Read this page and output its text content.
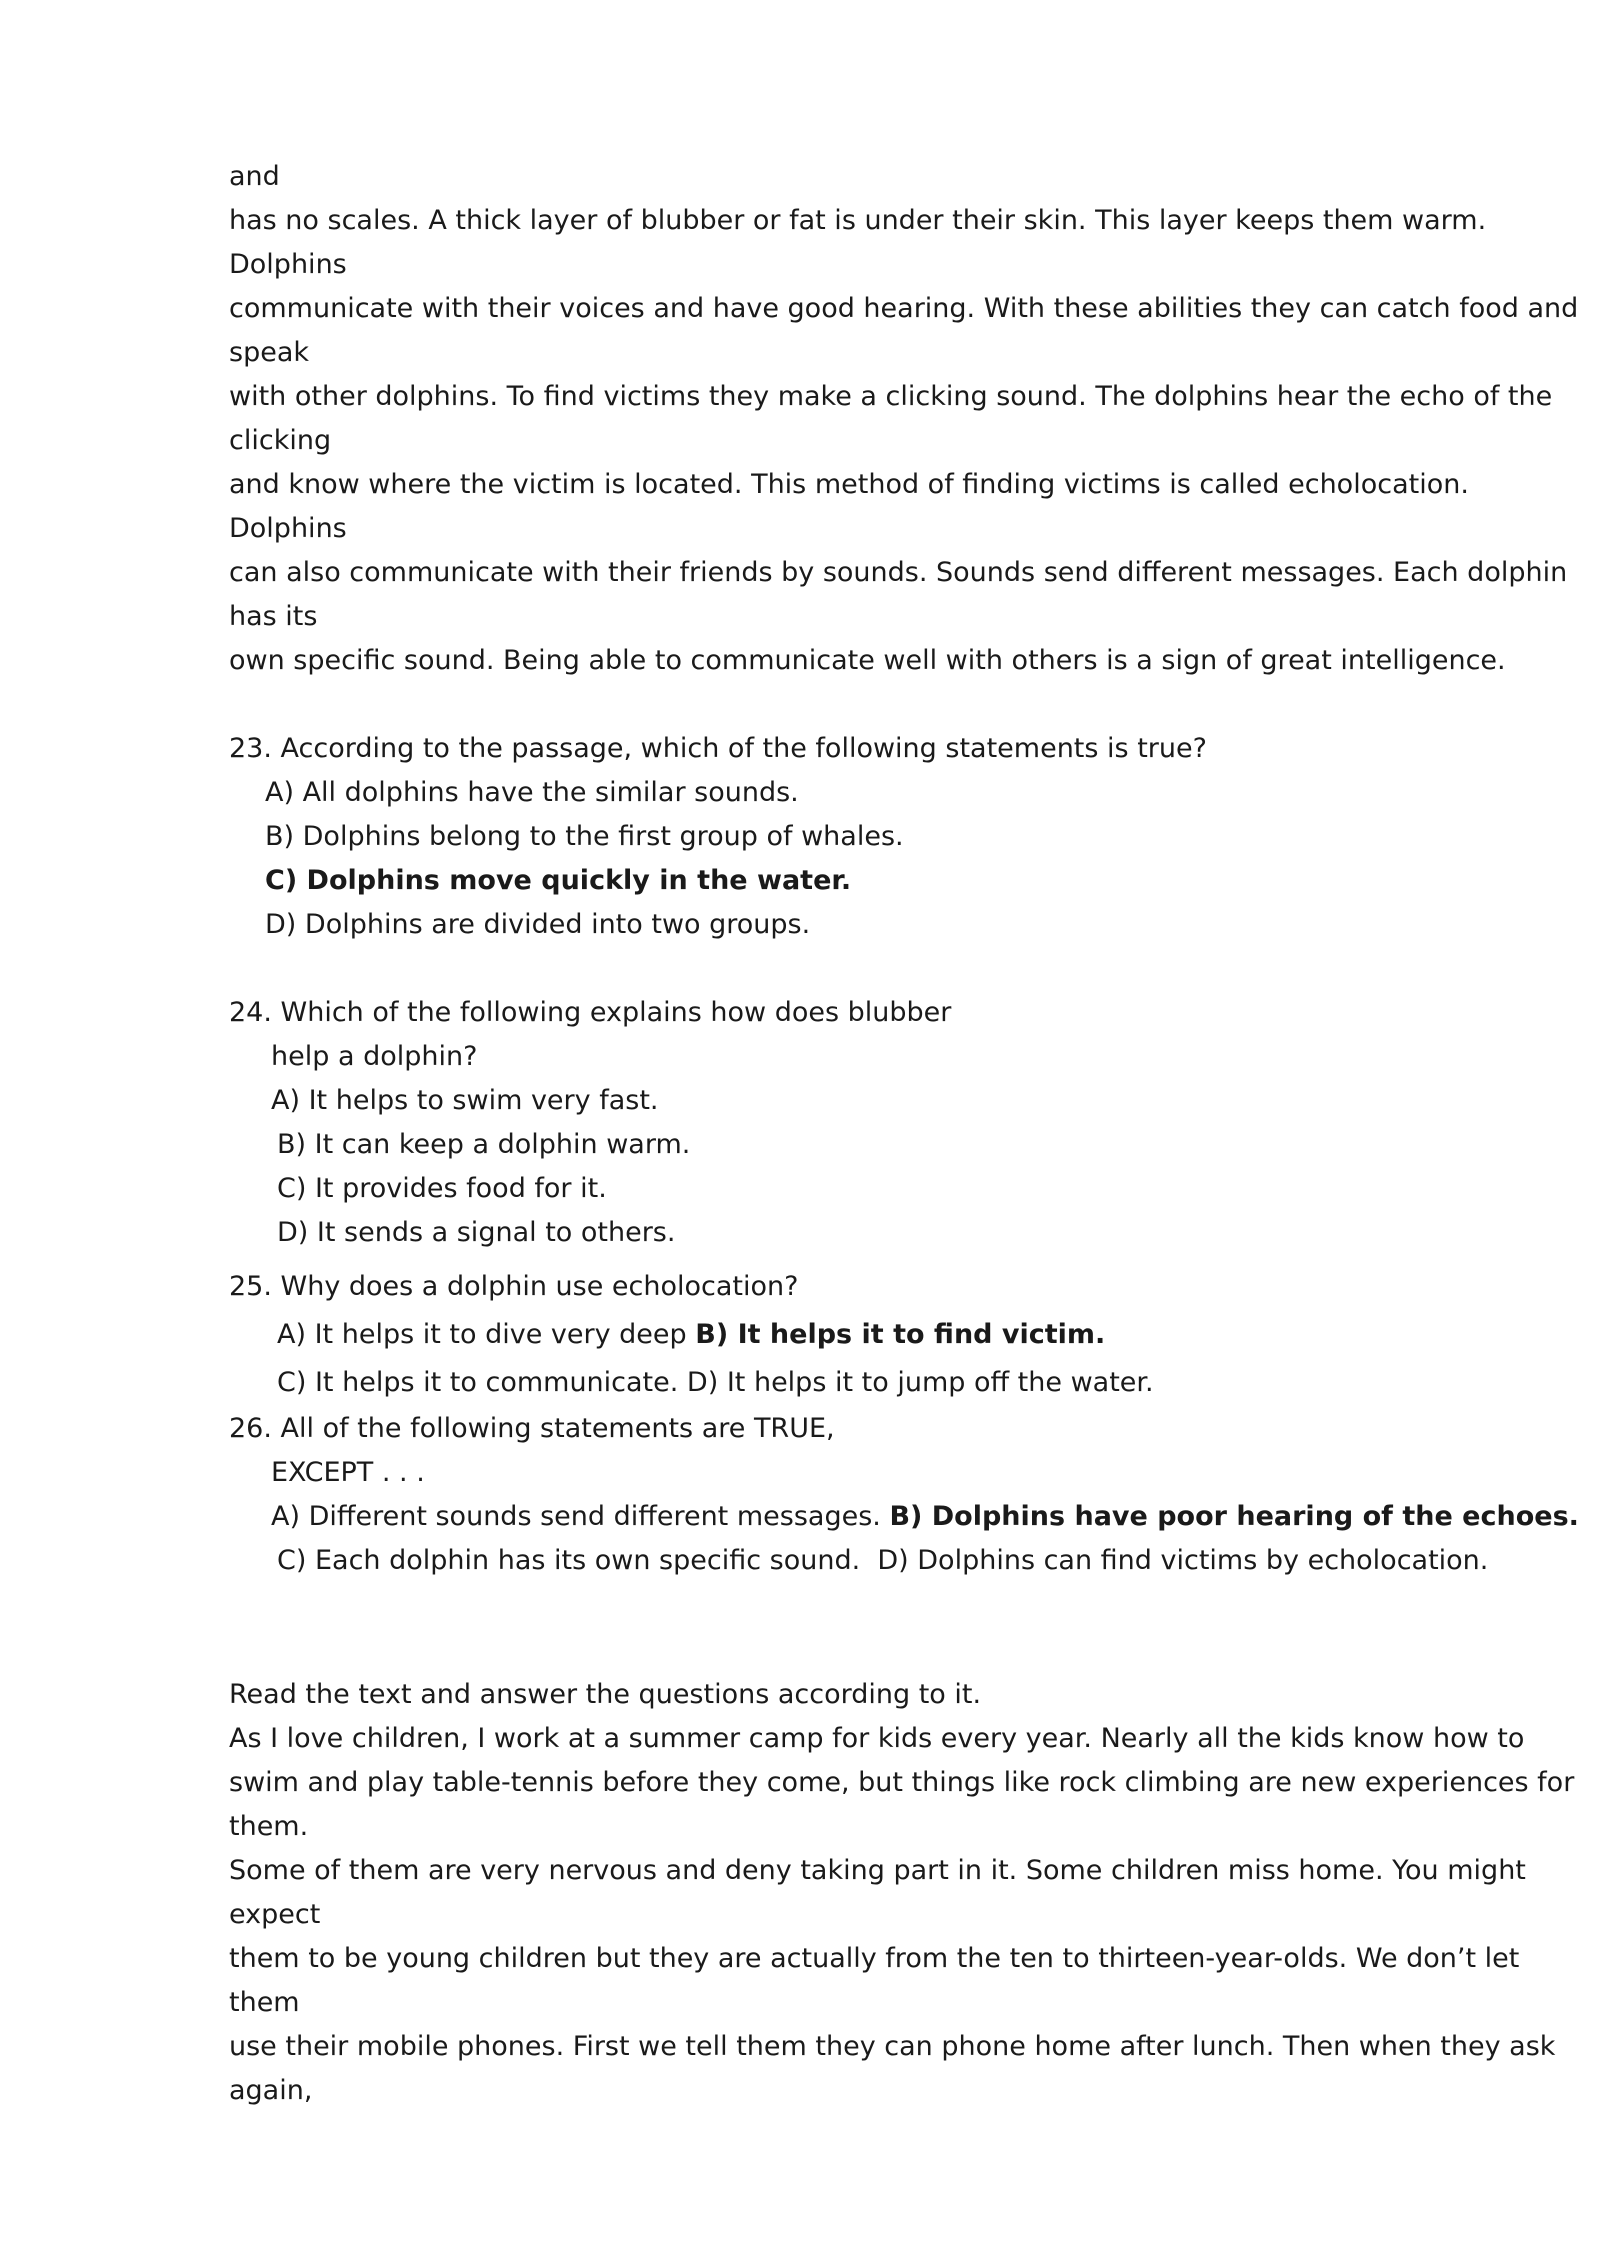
and
has no scales. A thick layer of blubber or fat is under their skin. This layer keeps them warm.
Dolphins
communicate with their voices and have good hearing. With these abilities they can catch food and
speak
with other dolphins. To find victims they make a clicking sound. The dolphins hear the echo of the
clicking
and know where the victim is located. This method of finding victims is called echolocation.
Dolphins
can also communicate with their friends by sounds. Sounds send different messages. Each dolphin
has its
own specific sound. Being able to communicate well with others is a sign of great intelligence.
23. According to the passage, which of the following statements is true?
A) All dolphins have the similar sounds.
B) Dolphins belong to the first group of whales.
C) Dolphins move quickly in the water.
D) Dolphins are divided into two groups.
24. Which of the following explains how does blubber
help a dolphin?
A) It helps to swim very fast.
B) It can keep a dolphin warm.
C) It provides food for it.
D) It sends a signal to others.
25. Why does a dolphin use echolocation?
A) It helps it to dive very deep B) It helps it to find victim.
C) It helps it to communicate. D) It helps it to jump off the water.
26. All of the following statements are TRUE,
EXCEPT . . .
A) Different sounds send different messages. B) Dolphins have poor hearing of the echoes.
C) Each dolphin has its own specific sound.  D) Dolphins can find victims by echolocation.
Read the text and answer the questions according to it.
As I love children, I work at a summer camp for kids every year. Nearly all the kids know how to
swim and play table-tennis before they come, but things like rock climbing are new experiences for
them.
Some of them are very nervous and deny taking part in it. Some children miss home. You might
expect
them to be young children but they are actually from the ten to thirteen-year-olds. We don’t let
them
use their mobile phones. First we tell them they can phone home after lunch. Then when they ask
again,
